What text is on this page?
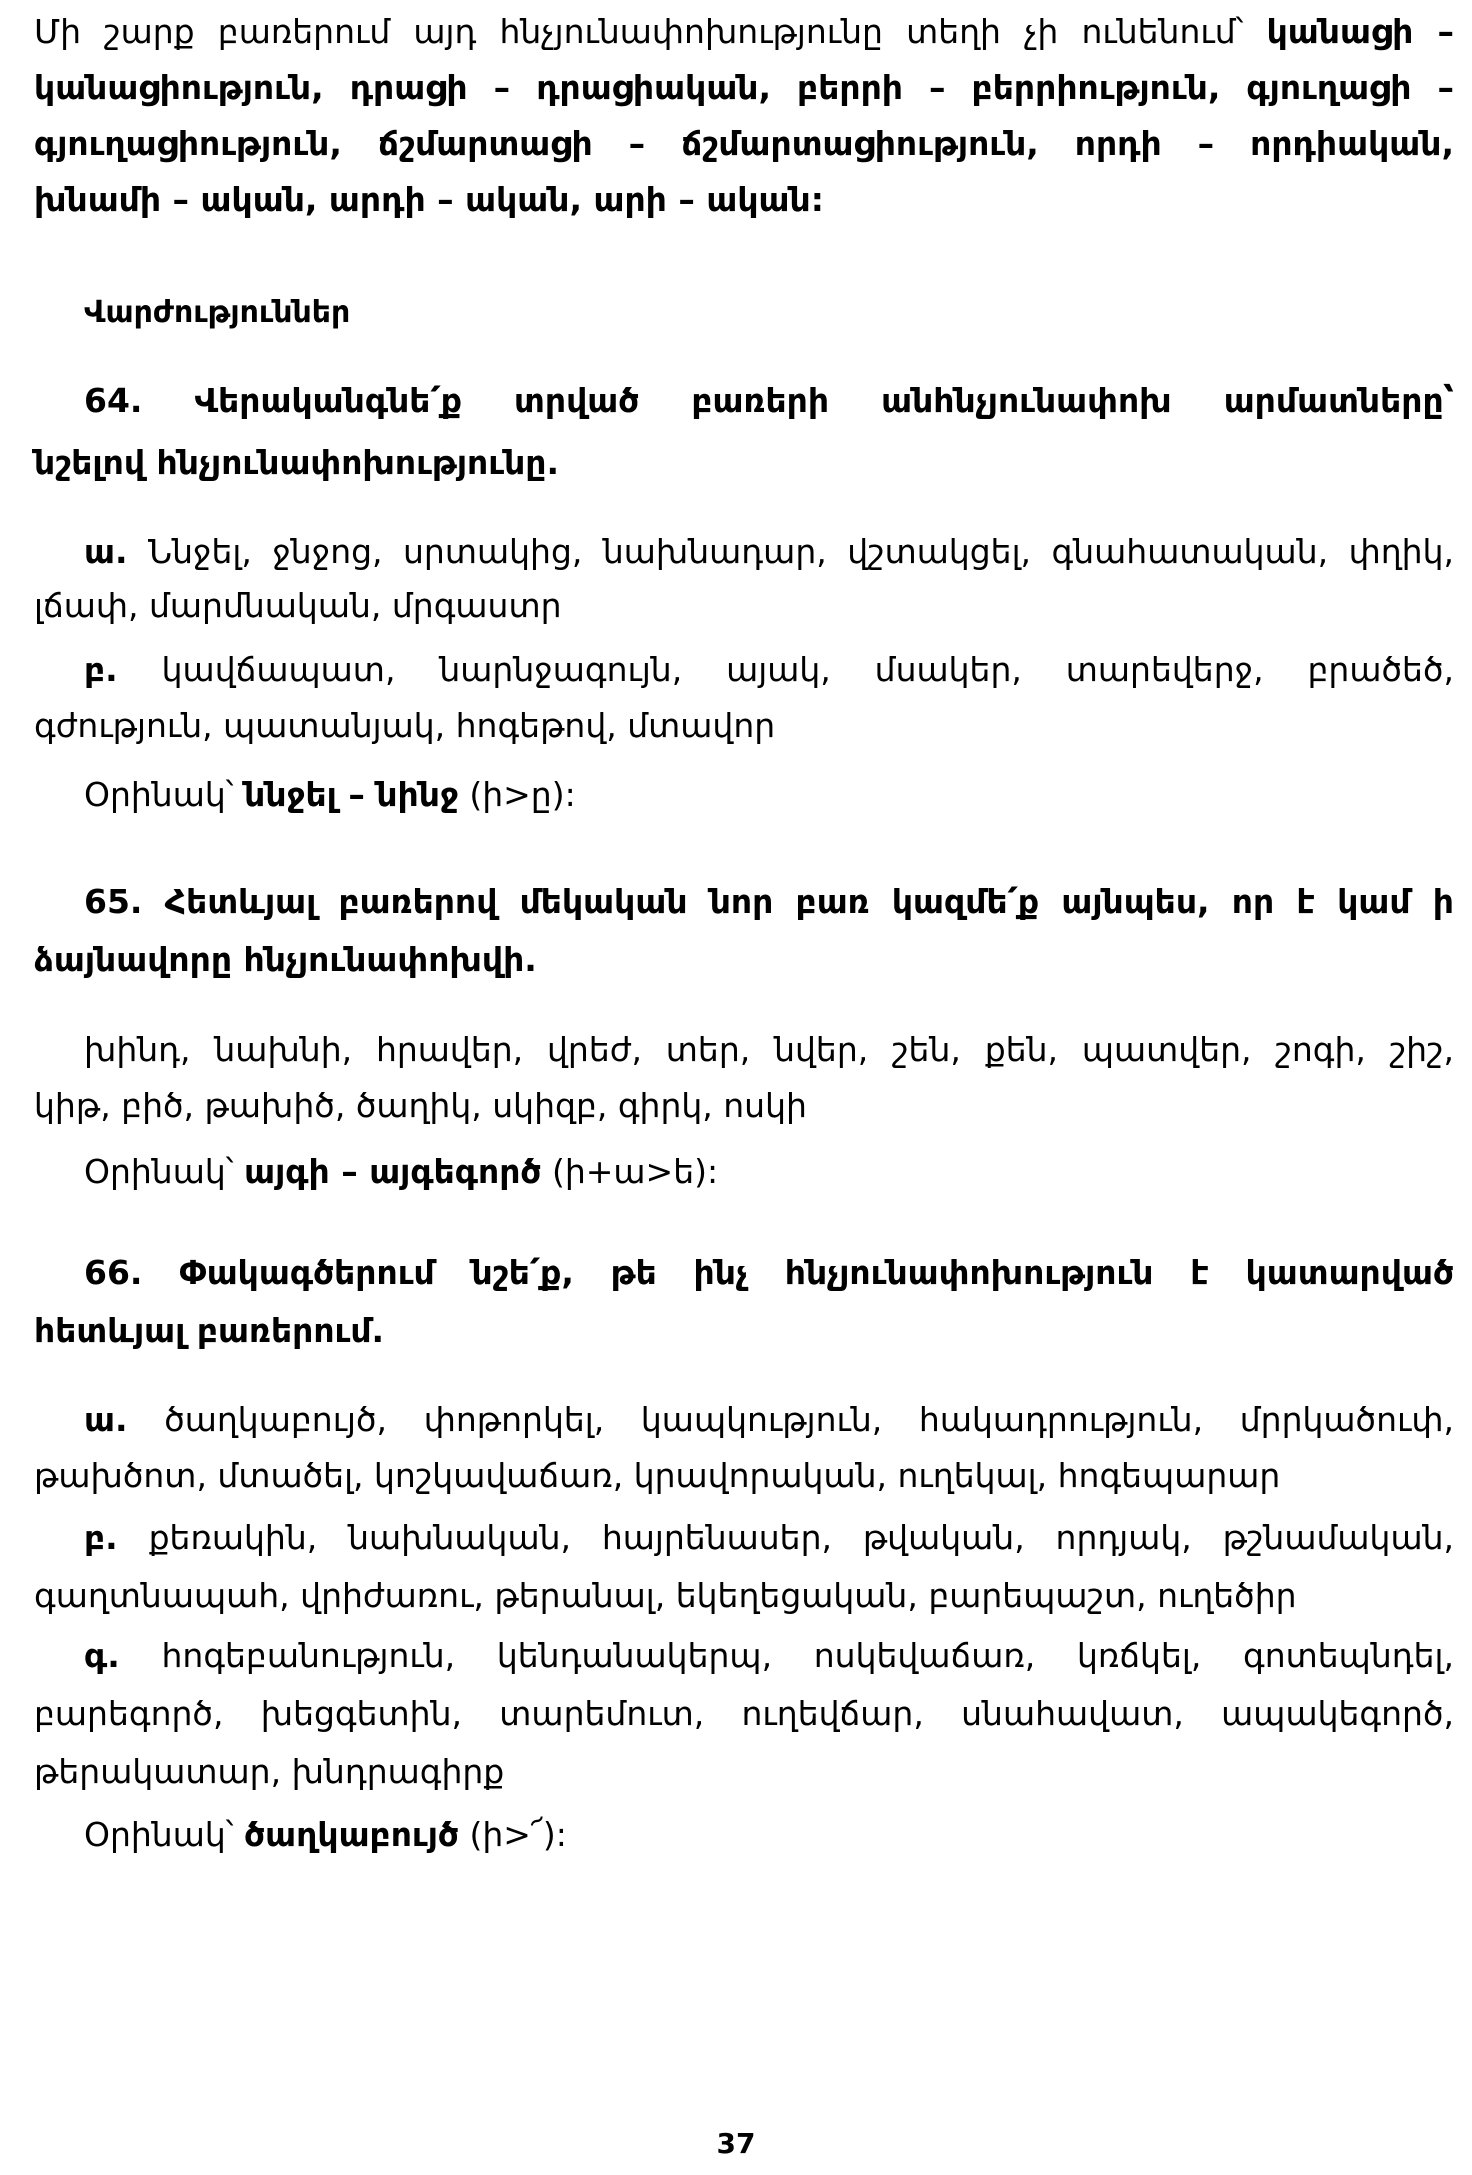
Մի շարք բառերում այդ հնչյունափոխությունը տեղի չի ունենում՝ կանացի –
կանացիություն, դրացի – դրացիական, բերրի – բերրիություն, գյուղացի –
գյուղացիություն, ճշմարտացի – ճշմարտացիություն, որդի – որդիական,
խնամի – ական, արդի – ական, արի – ական:
Վարժություններ
64. Վերականգնե՛ք տրված բառերի անհնչյունափոխ արմատները՝
նշելով հնչյունափոխությունը.
ա. Ննջել, ջնջոց, սրտակից, նախնադար, վշտակցել, գնահատական, փղիկ,
լճափ, մարմնական, մրգաստր
բ. կավճապատ, նարնջագույն, այակ, մսակեր, տարեվերջ, բրածեծ,
գժություն, պատանյակ, հոգեթով, մտավոր
Օրինակ՝ ննջել – նինջ (ի>ը):
65. Հետևյալ բառերով մեկական նոր բառ կազմե՛ք այնպես, որ է կամ ի
ձայնավորը հնչյունափոխվի.
խինդ, նախնի, հրավեր, վրեժ, տեր, նվեր, շեն, քեն, պատվեր, շոգի, շիշ,
կիթ, բիծ, թախիծ, ծաղիկ, սկիզբ, գիրկ, ոսկի
Օրինակ՝ այգի – այգեգործ (ի+ա>ե):
66. Փակագծերում նշե՛ք, թե ինչ հնչյունափոխություն է կատարված
հետևյալ բառերում.
ա. ծաղկաբույծ, փոթորկել, կապկություն, հակադրություն, մրրկածուփ,
թախծոտ, մտածել, կոշկավաճառ, կրավորական, ուղեկալ, հոգեպարար
բ. քեռակին, նախնական, հայրենասեր, թվական, որդյակ, թշնամական,
գաղտնապահ, վրիժառու, թերանալ, եկեղեցական, բարեպաշտ, ուղեծիր
գ. հոգեբանություն, կենդանակերպ, ոսկեվաճառ, կռճկել, գոտեպնդել,
բարեգործ, խեցգետին, տարեմուտ, ուղեվճար, սնահավատ, ապակեգործ,
թերակատար, խնդրագիրք
Օրինակ՝ ծաղկաբույծ (ի>՜):
37
